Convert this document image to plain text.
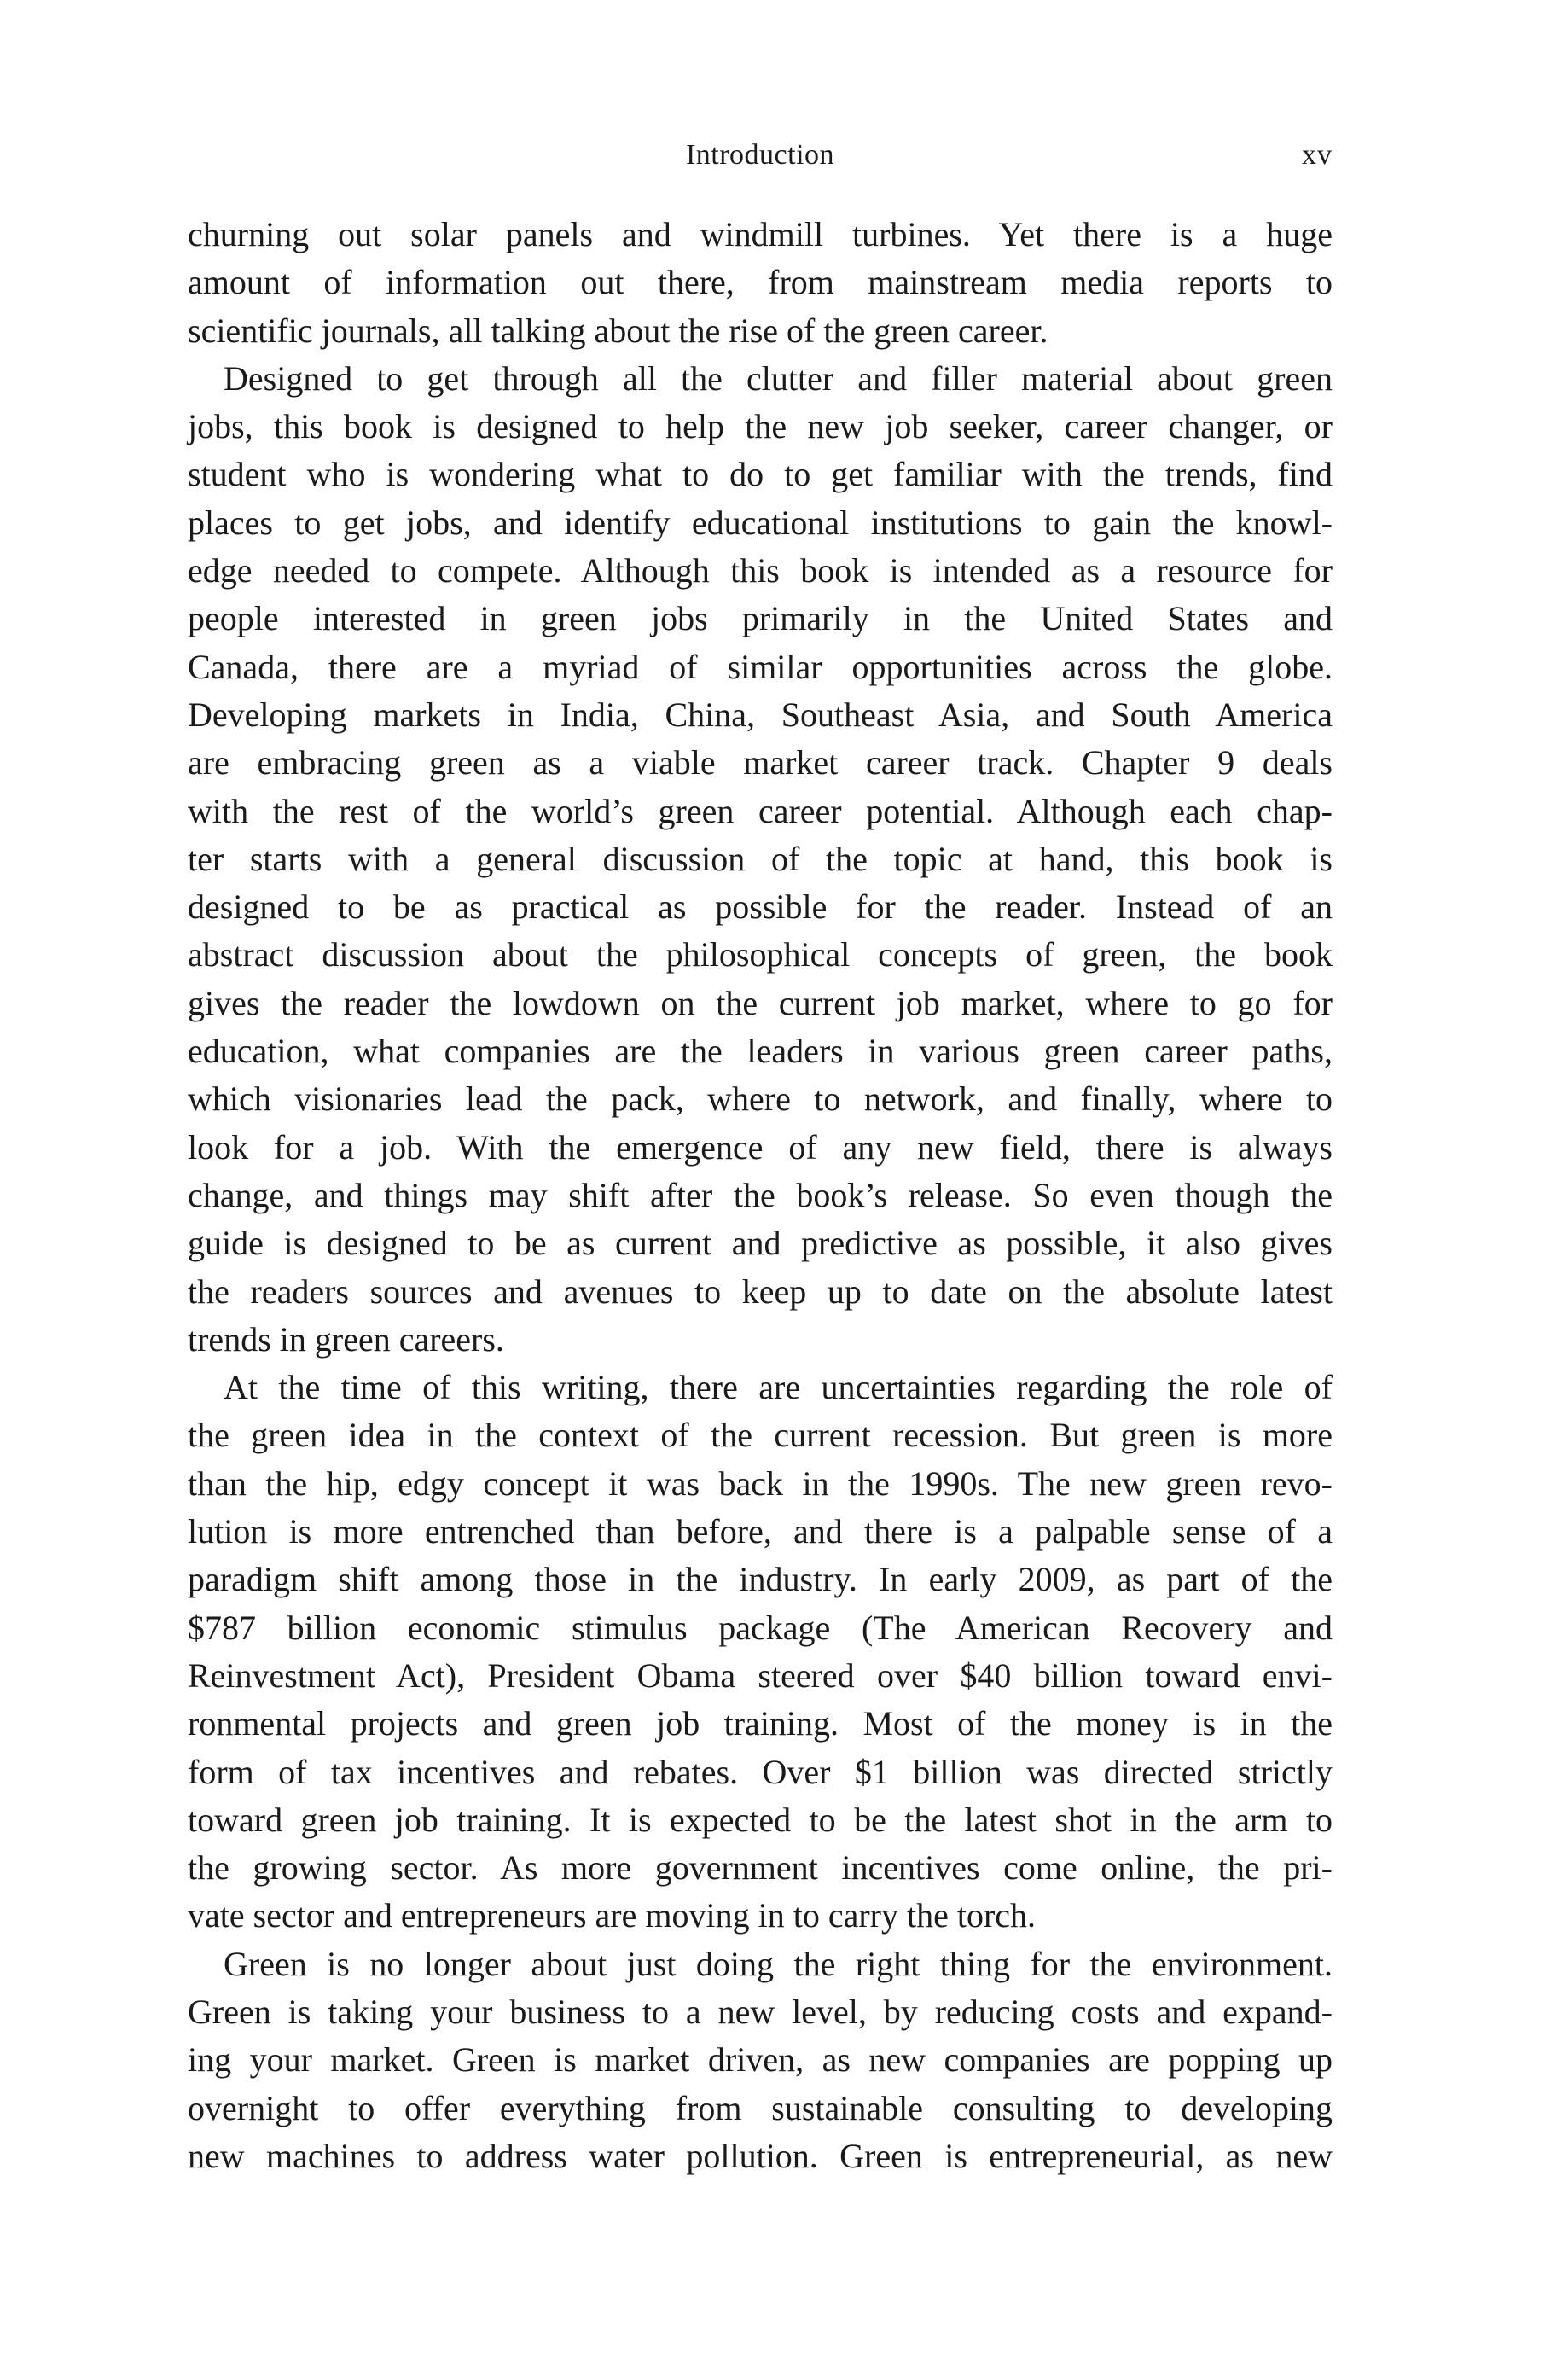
Introduction	xv

churning out solar panels and windmill turbines. Yet there is a huge
amount of information out there, from mainstream media reports to
scientific journals, all talking about the rise of the green career.

Designed to get through all the clutter and filler material about green
jobs, this book is designed to help the new job seeker, career changer, or
student who is wondering what to do to get familiar with the trends, find
places to get jobs, and identify educational institutions to gain the knowl-
edge needed to compete. Although this book is intended as a resource for
people interested in green jobs primarily in the United States and
Canada, there are a myriad of similar opportunities across the globe.
Developing markets in India, China, Southeast Asia, and South America
are embracing green as a viable market career track. Chapter 9 deals
with the rest of the world’s green career potential. Although each chap-
ter starts with a general discussion of the topic at hand, this book is
designed to be as practical as possible for the reader. Instead of an
abstract discussion about the philosophical concepts of green, the book
gives the reader the lowdown on the current job market, where to go for
education, what companies are the leaders in various green career paths,
which visionaries lead the pack, where to network, and finally, where to
look for a job. With the emergence of any new field, there is always
change, and things may shift after the book’s release. So even though the
guide is designed to be as current and predictive as possible, it also gives
the readers sources and avenues to keep up to date on the absolute latest
trends in green careers.

At the time of this writing, there are uncertainties regarding the role of
the green idea in the context of the current recession. But green is more
than the hip, edgy concept it was back in the 1990s. The new green revo-
lution is more entrenched than before, and there is a palpable sense of a
paradigm shift among those in the industry. In early 2009, as part of the
$787 billion economic stimulus package (The American Recovery and
Reinvestment Act), President Obama steered over $40 billion toward envi-
ronmental projects and green job training. Most of the money is in the
form of tax incentives and rebates. Over $1 billion was directed strictly
toward green job training. It is expected to be the latest shot in the arm to
the growing sector. As more government incentives come online, the pri-
vate sector and entrepreneurs are moving in to carry the torch.

Green is no longer about just doing the right thing for the environment.
Green is taking your business to a new level, by reducing costs and expand-
ing your market. Green is market driven, as new companies are popping up
overnight to offer everything from sustainable consulting to developing
new machines to address water pollution. Green is entrepreneurial, as new
